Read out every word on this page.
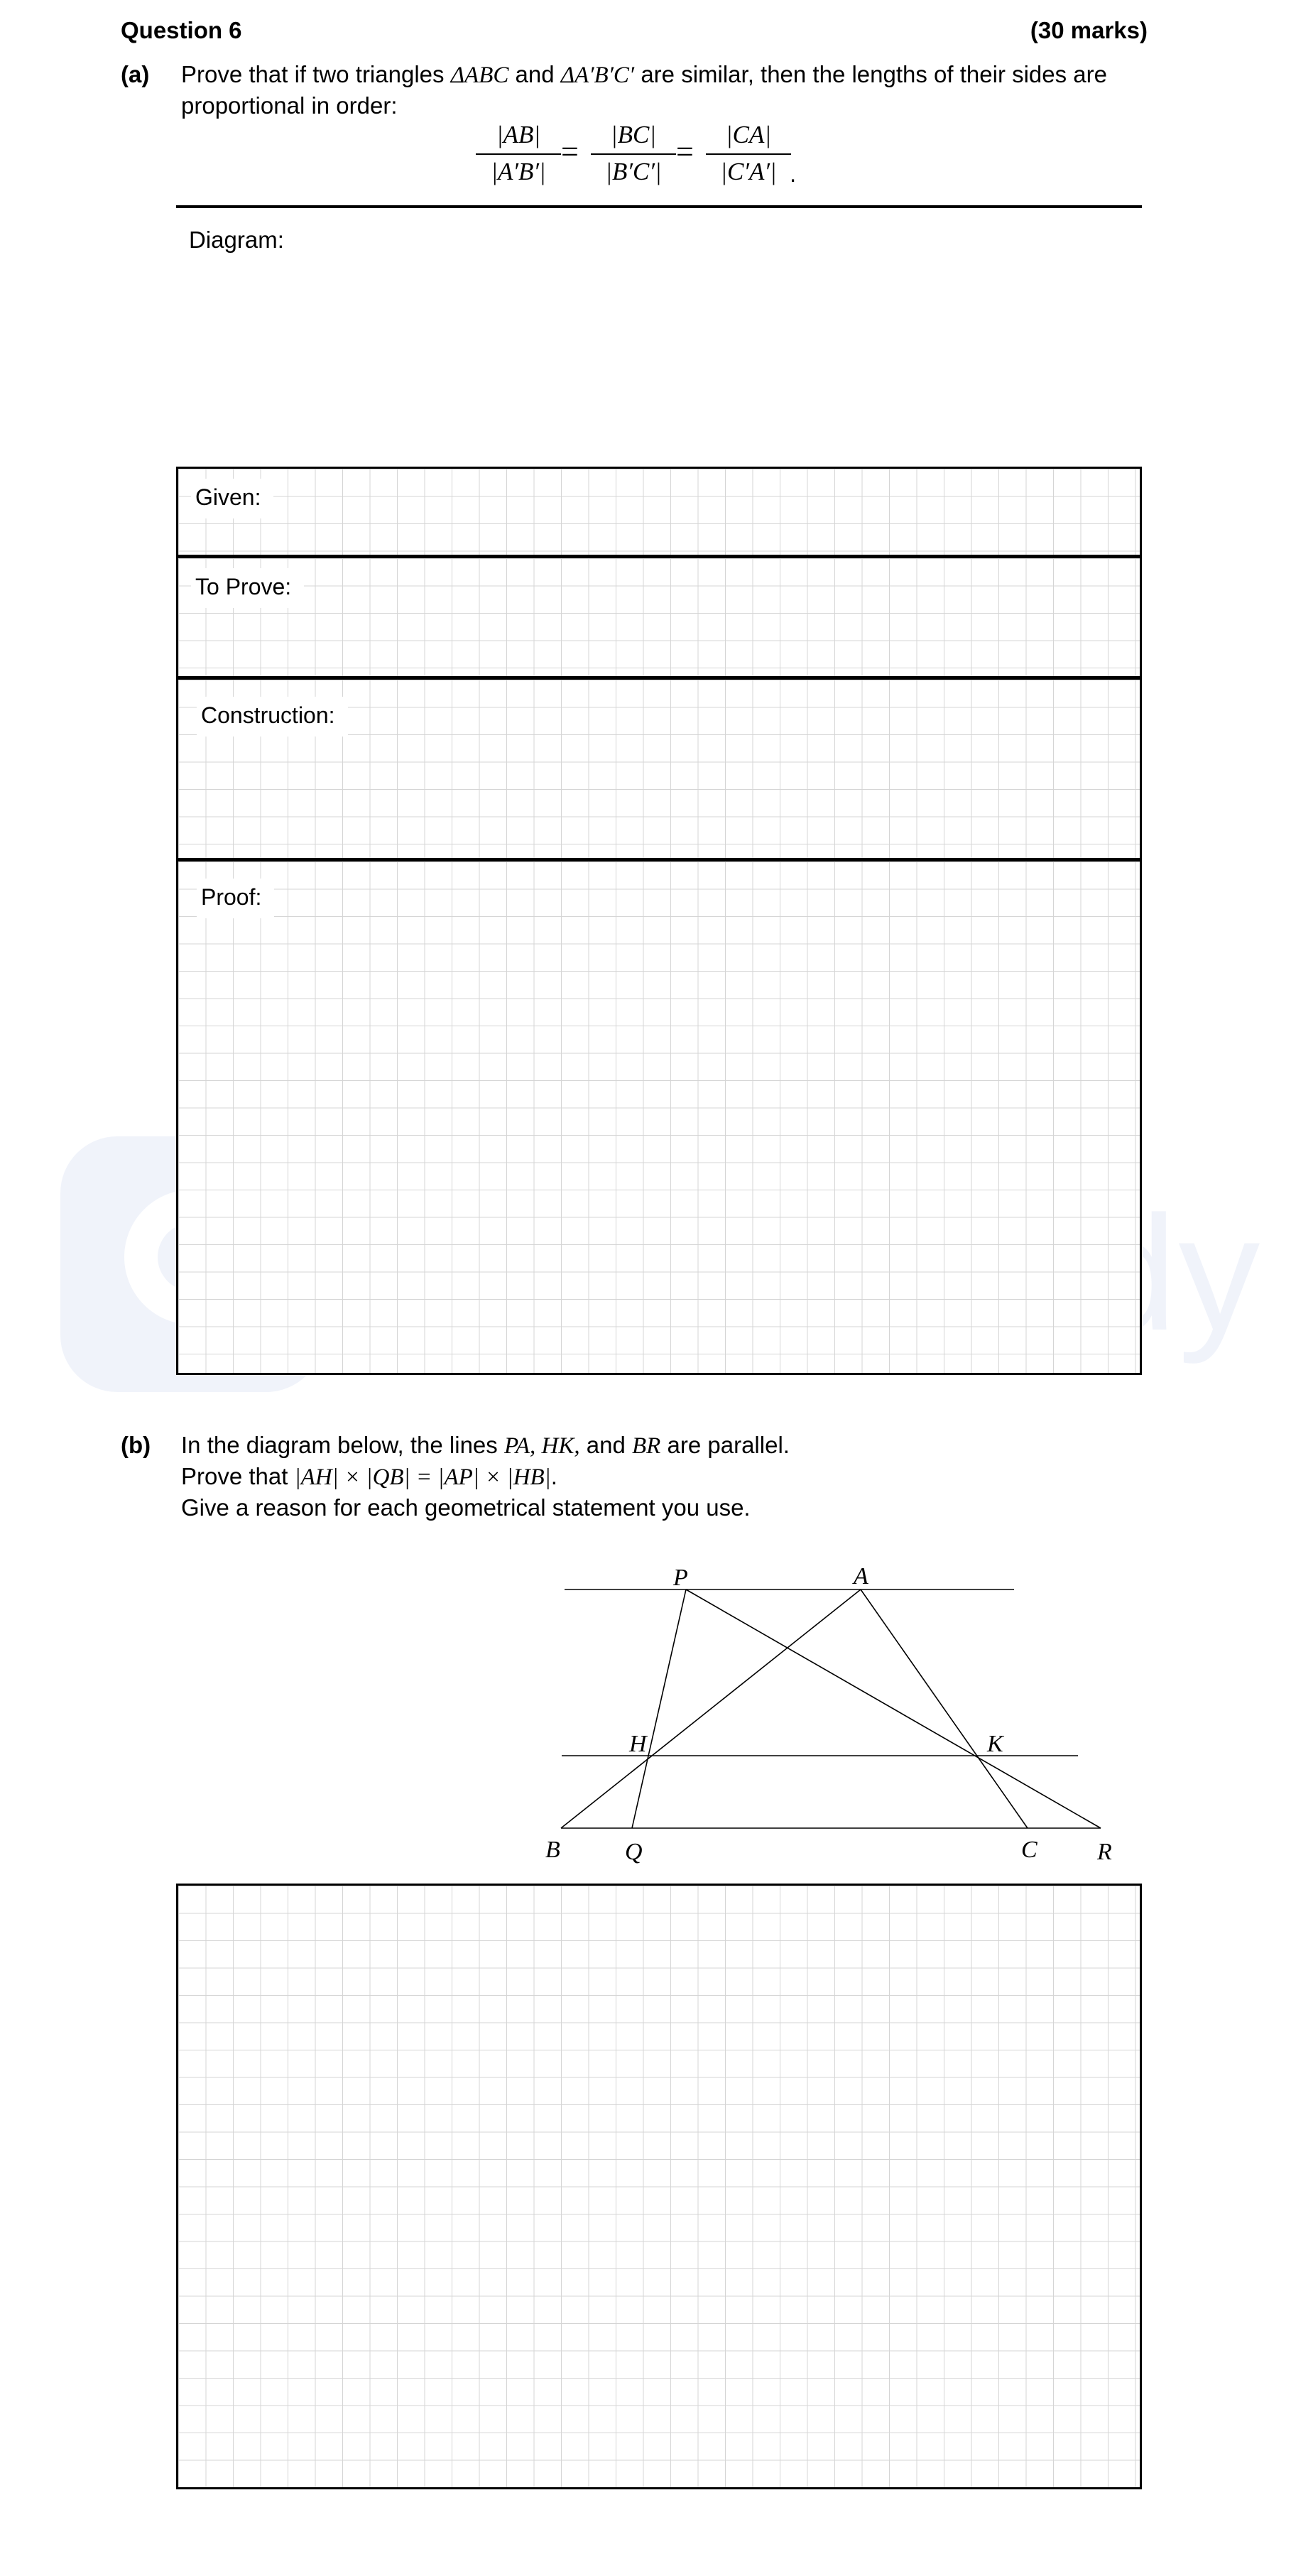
Question 6	(30 marks)
(a) Prove that if two triangles ΔABC and ΔA′B′C′ are similar, then the lengths of their sides are
proportional in order:
$\frac{|AB|}{|A'B'|} = \frac{|BC|}{|B'C'|} = \frac{|CA|}{|C'A'|}$
.
Diagram:
Given:
To Prove:
Construction:
Proof:
(b) In the diagram below, the lines PA, HK, and BR are parallel.
Prove that |AH| × |QB| = |AP| × |HB|.
Give a reason for each geometrical statement you use.
P	A
H	K
B	Q	C R
